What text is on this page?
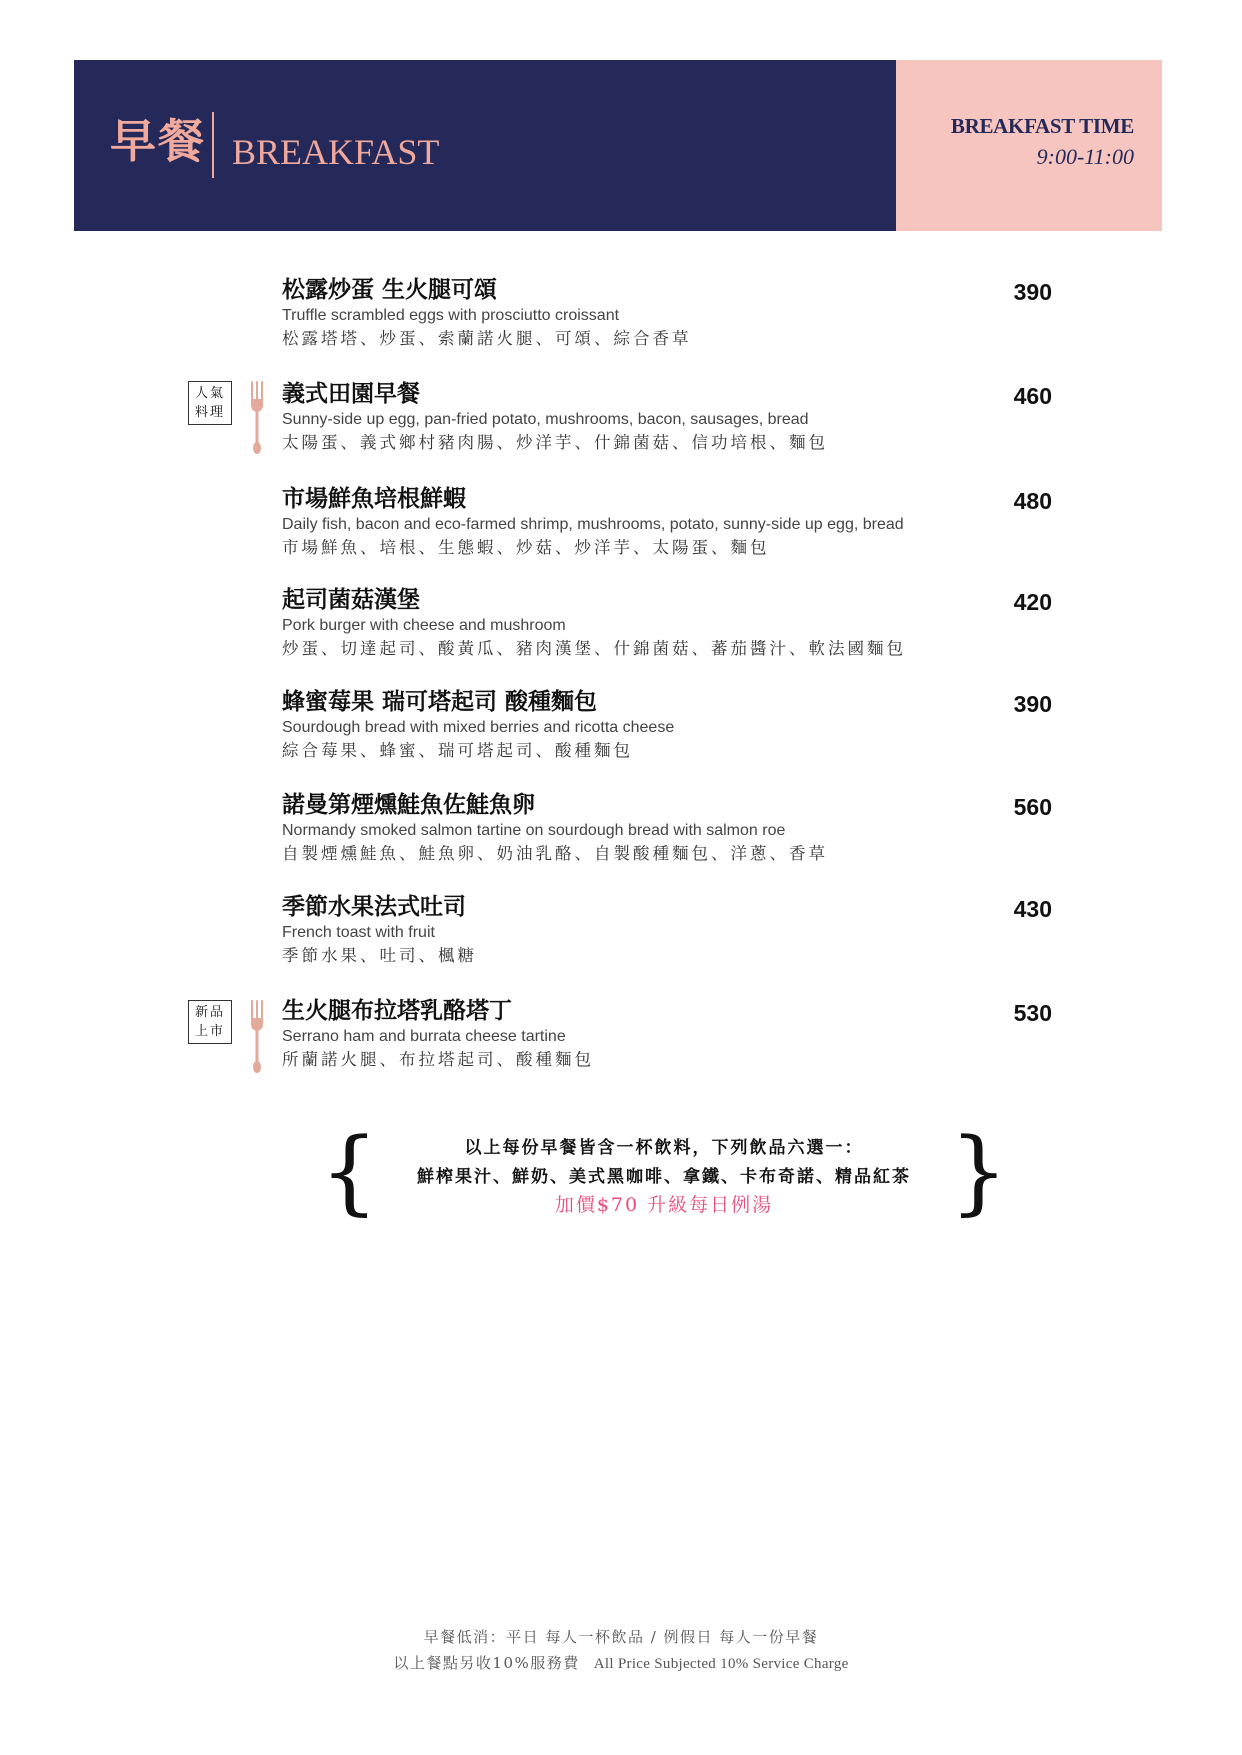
早餐 BREAKFAST
BREAKFAST TIME
9:00-11:00
松露炒蛋 生火腿可頌
Truffle scrambled eggs with prosciutto croissant
松露塔塔、炒蛋、索蘭諾火腿、可頌、綜合香草
390
人氣
料理
義式田園早餐
Sunny-side up egg, pan-fried potato, mushrooms, bacon, sausages, bread
太陽蛋、義式鄉村豬肉腸、炒洋芋、什錦菌菇、信功培根、麵包
460
市場鮮魚培根鮮蝦
Daily fish, bacon and eco-farmed shrimp, mushrooms, potato, sunny-side up egg, bread
市場鮮魚、培根、生態蝦、炒菇、炒洋芋、太陽蛋、麵包
480
起司菌菇漢堡
Pork burger with cheese and mushroom
炒蛋、切達起司、酸黃瓜、豬肉漢堡、什錦菌菇、蕃茄醬汁、軟法國麵包
420
蜂蜜莓果 瑞可塔起司 酸種麵包
Sourdough bread with mixed berries and ricotta cheese
綜合莓果、蜂蜜、瑞可塔起司、酸種麵包
390
諾曼第煙燻鮭魚佐鮭魚卵
Normandy smoked salmon tartine on sourdough bread with salmon roe
自製煙燻鮭魚、鮭魚卵、奶油乳酪、自製酸種麵包、洋蔥、香草
560
季節水果法式吐司
French toast with fruit
季節水果、吐司、楓糖
430
新品
上市
生火腿布拉塔乳酪塔丁
Serrano ham and burrata cheese tartine
所蘭諾火腿、布拉塔起司、酸種麵包
530
{	}
以上每份早餐皆含一杯飲料，下列飲品六選一：
鮮榨果汁、鮮奶、美式黑咖啡、拿鐵、卡布奇諾、精品紅茶
加價$70 升級每日例湯
早餐低消：平日 每人一杯飲品 / 例假日 每人一份早餐
以上餐點另收10%服務費 All Price Subjected 10% Service Charge
